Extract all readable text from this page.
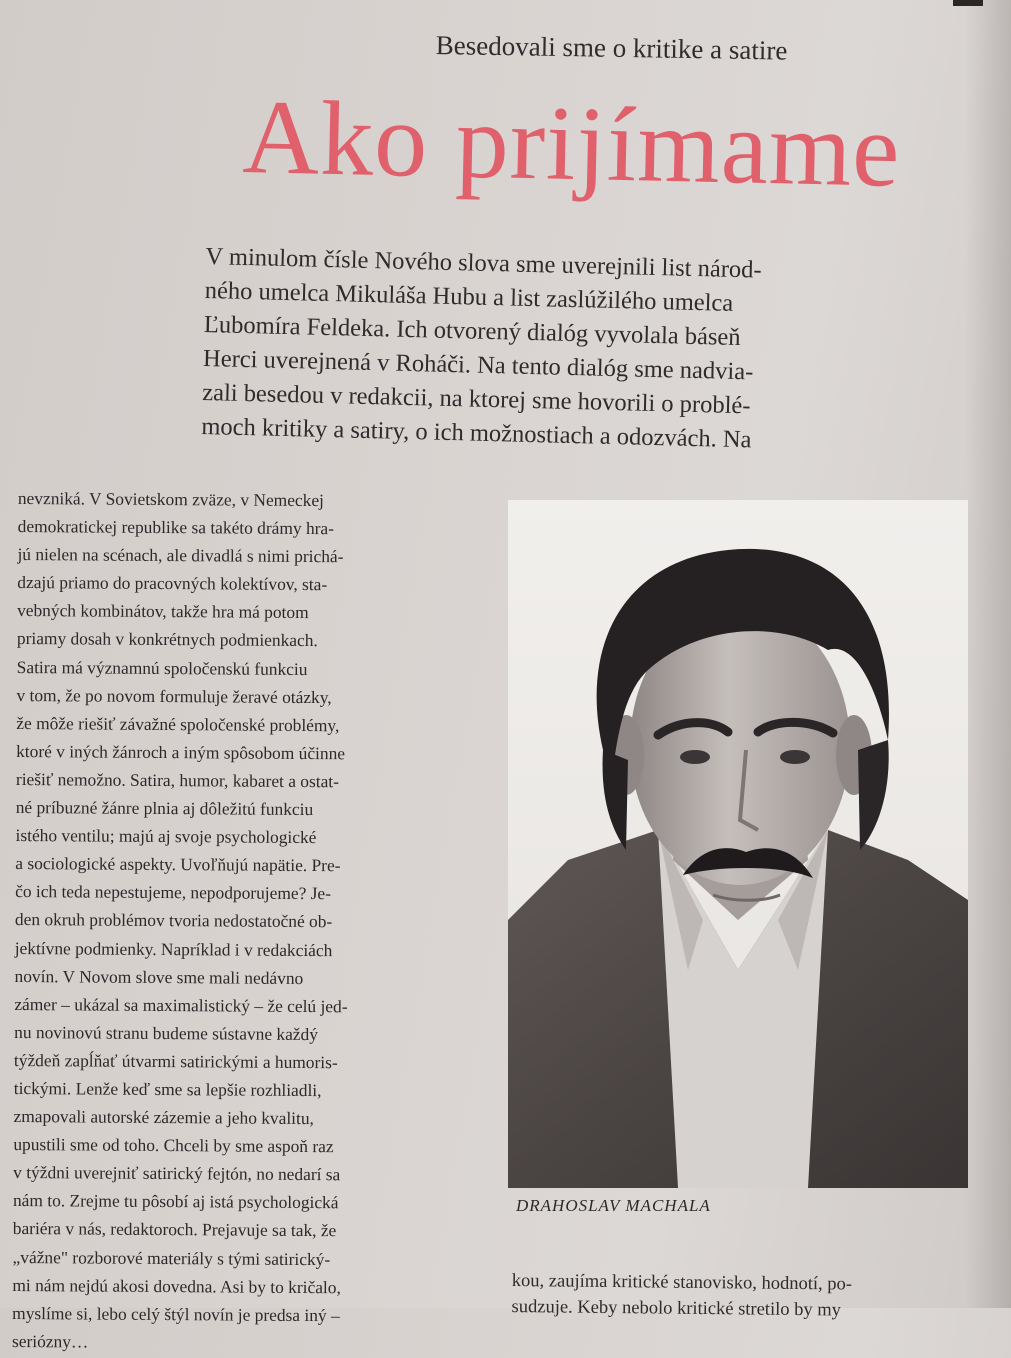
Besedovali sme o kritike a satire
Ako prijímame

V minulom čísle Nového slova sme uverejnili list národ-
ného umelca Mikuláša Hubu a list zaslúžilého umelca
Ľubomíra Feldeka. Ich otvorený dialóg vyvolala báseň
Herci uverejnená v Roháči. Na tento dialóg sme nadvia-
zali besedou v redakcii, na ktorej sme hovorili o problé-
moch kritiky a satiry, o ich možnostiach a odozvách. Na

nevzniká. V Sovietskom zväze, v Nemeckej
demokratickej republike sa takéto drámy hra-
jú nielen na scénach, ale divadlá s nimi prichá-
dzajú priamo do pracovných kolektívov, sta-
vebných kombinátov, takže hra má potom
priamy dosah v konkrétnych podmienkach.
Satira má významnú spoločenskú funkciu
v tom, že po novom formuluje žeravé otázky,
že môže riešiť závažné spoločenské problémy,
ktoré v iných žánroch a iným spôsobom účinne
riešiť nemožno. Satira, humor, kabaret a ostat-
né príbuzné žánre plnia aj dôležitú funkciu
istého ventilu; majú aj svoje psychologické
a sociologické aspekty. Uvoľňujú napätie. Pre-
čo ich teda nepestujeme, nepodporujeme? Je-
den okruh problémov tvoria nedostatočné ob-
jektívne podmienky. Napríklad i v redakciách
novín. V Novom slove sme mali nedávno
zámer – ukázal sa maximalistický – že celú jed-
nu novinovú stranu budeme sústavne každý
týždeň zapĺňať útvarmi satirickými a humoris-
tickými. Lenže keď sme sa lepšie rozhliadli,
zmapovali autorské zázemie a jeho kvalitu,
upustili sme od toho. Chceli by sme aspoň raz
v týždni uverejniť satirický fejtón, no nedarí sa
nám to. Zrejme tu pôsobí aj istá psychologická
bariéra v nás, redaktoroch. Prejavuje sa tak, že
„vážne" rozborové materiály s tými satirický-
mi nám nejdú akosi dovedna. Asi by to kričalo,
myslíme si, lebo celý štýl novín je predsa iný –
seriózny…

DRAHOSLAV MACHALA
kou, zaujíma kritické stanovisko, hodnotí, po-
sudzuje. Keby nebolo kritické stretilo by my
